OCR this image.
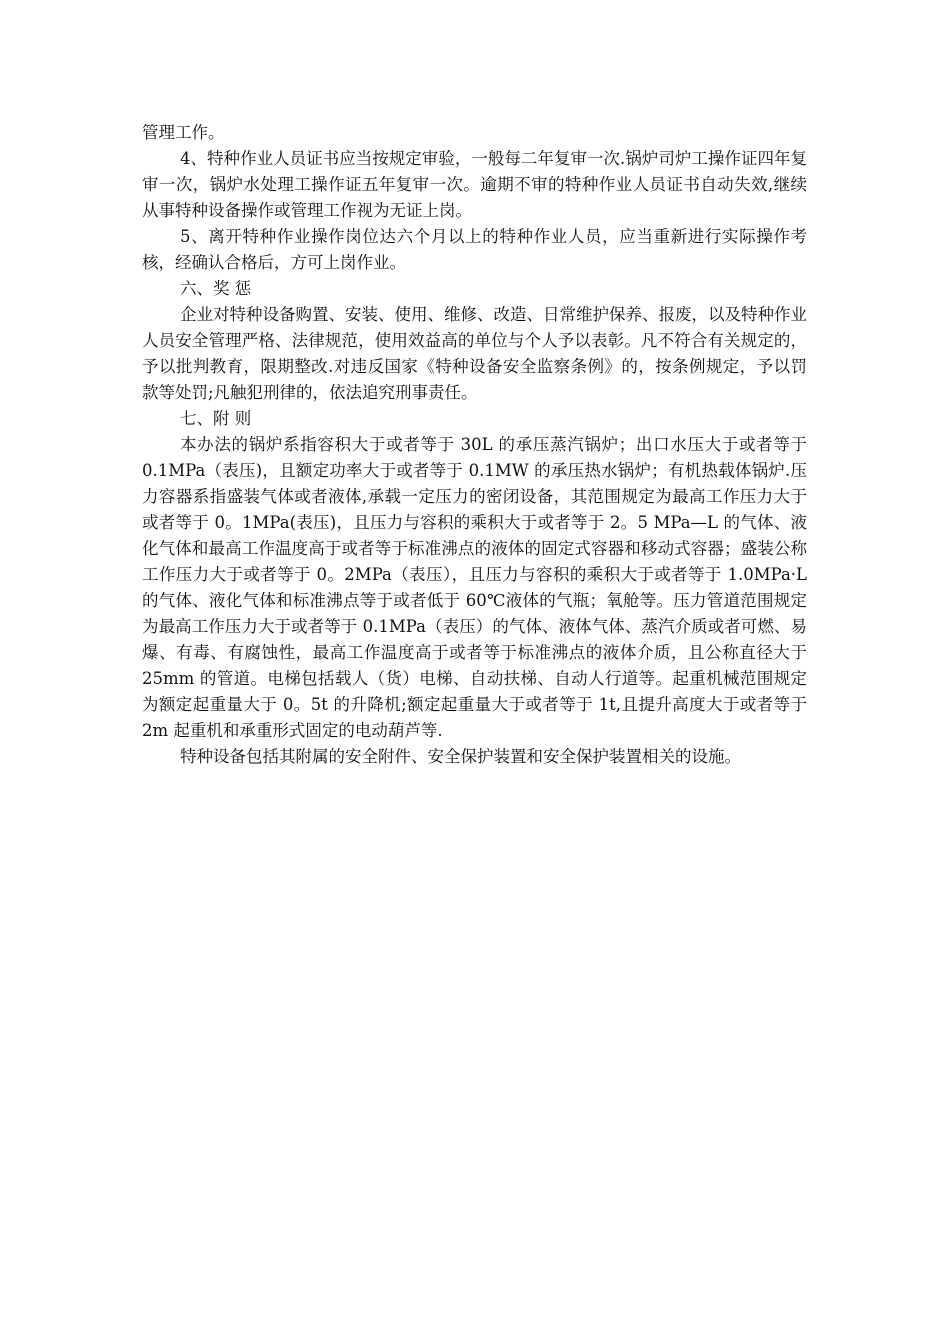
管理工作。

4、特种作业人员证书应当按规定审验，一般每二年复审一次.锅炉司炉工操作证四年复审一次，锅炉水处理工操作证五年复审一次。逾期不审的特种作业人员证书自动失效,继续从事特种设备操作或管理工作视为无证上岗。

5、离开特种作业操作岗位达六个月以上的特种作业人员，应当重新进行实际操作考核，经确认合格后，方可上岗作业。

六、奖 惩

企业对特种设备购置、安装、使用、维修、改造、日常维护保养、报废，以及特种作业人员安全管理严格、法律规范，使用效益高的单位与个人予以表彰。凡不符合有关规定的，予以批判教育，限期整改.对违反国家《特种设备安全监察条例》的，按条例规定，予以罚款等处罚;凡触犯刑律的，依法追究刑事责任。

七、附 则

本办法的锅炉系指容积大于或者等于 30L 的承压蒸汽锅炉；出口水压大于或者等于 0.1MPa（表压)，且额定功率大于或者等于 0.1MW 的承压热水锅炉；有机热载体锅炉.压力容器系指盛装气体或者液体,承载一定压力的密闭设备，其范围规定为最高工作压力大于或者等于 0。1MPa(表压)，且压力与容积的乘积大于或者等于 2。5 MPa—L 的气体、液化气体和最高工作温度高于或者等于标准沸点的液体的固定式容器和移动式容器；盛装公称工作压力大于或者等于 0。2MPa（表压），且压力与容积的乘积大于或者等于 1.0MPa·L 的气体、液化气体和标准沸点等于或者低于 60℃液体的气瓶；氧舱等。压力管道范围规定为最高工作压力大于或者等于 0.1MPa（表压）的气体、液体气体、蒸汽介质或者可燃、易爆、有毒、有腐蚀性，最高工作温度高于或者等于标准沸点的液体介质，且公称直径大于 25mm 的管道。电梯包括载人（货）电梯、自动扶梯、自动人行道等。起重机械范围规定为额定起重量大于 0。5t 的升降机;额定起重量大于或者等于 1t,且提升高度大于或者等于 2m 起重机和承重形式固定的电动葫芦等.

特种设备包括其附属的安全附件、安全保护装置和安全保护装置相关的设施。
